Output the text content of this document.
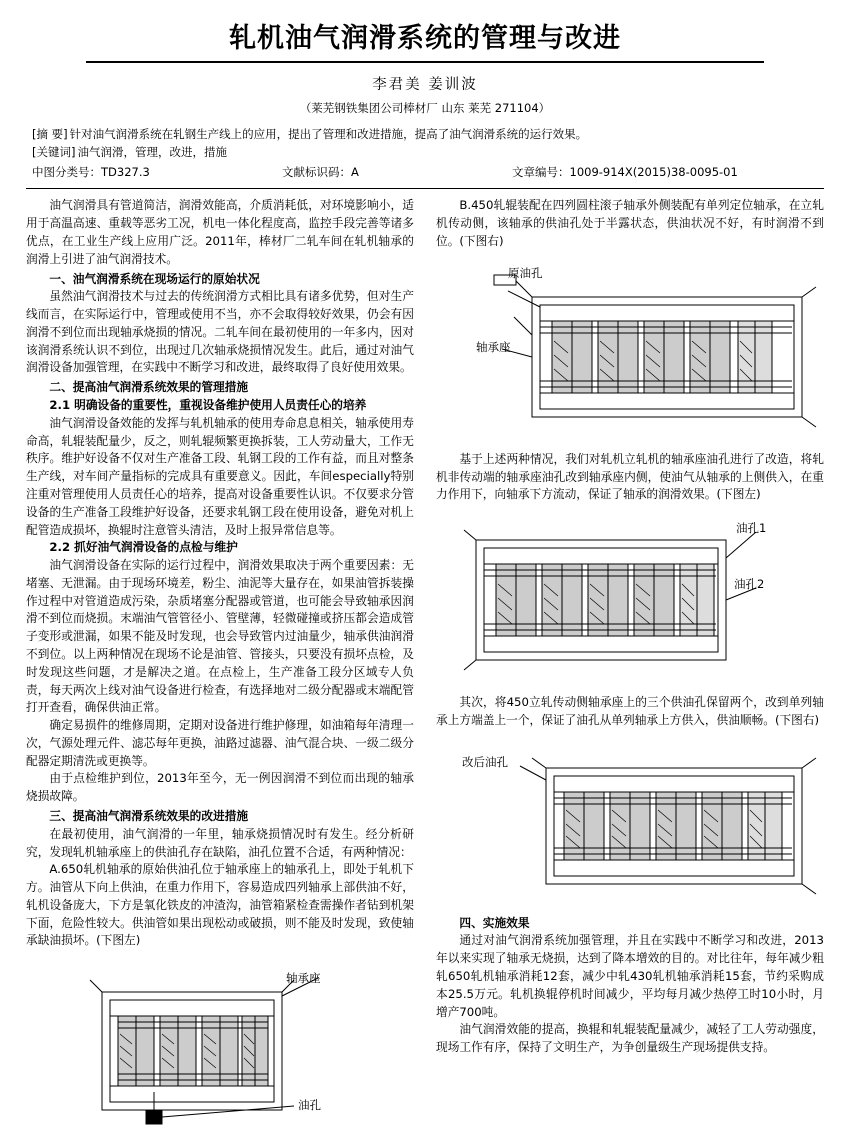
轧机油气润滑系统的管理与改进
李君美 姜训波
（莱芜钢铁集团公司棒材厂 山东 莱芜 271104）
[摘 要] 针对油气润滑系统在轧钢生产线上的应用，提出了管理和改进措施，提高了油气润滑系统的运行效果。
[关键词] 油气润滑，管理，改进，措施
中图分类号：TD327.3	文献标识码：A	文章编号：1009-914X(2015)38-0095-01

油气润滑具有管道简洁，润滑效能高，介质消耗低，对环境影响小，适用于高温高速、重载等恶劣工况，机电一体化程度高，监控手段完善等诸多优点，在工业生产线上应用广泛。2011年，棒材厂二轧车间在轧机轴承的润滑上引进了油气润滑技术。

一、油气润滑系统在现场运行的原始状况

虽然油气润滑技术与过去的传统润滑方式相比具有诸多优势，但对生产线而言，在实际运行中，管理或使用不当，亦不会取得较好效果，仍会有因润滑不到位而出现轴承烧损的情况。二轧车间在最初使用的一年多内，因对该润滑系统认识不到位，出现过几次轴承烧损情况发生。此后，通过对油气润滑设备加强管理，在实践中不断学习和改进，最终取得了良好使用效果。

二、提高油气润滑系统效果的管理措施
2.1 明确设备的重要性，重视设备维护使用人员责任心的培养

油气润滑设备效能的发挥与轧机轴承的使用寿命息息相关，轴承使用寿命高，轧辊装配量少，反之，则轧辊频繁更换拆装，工人劳动量大，工作无秩序。维护好设备不仅对生产准备工段、轧钢工段的工作有益，而且对整条生产线，对车间产量指标的完成具有重要意义。因此，车间especially特别注重对管理使用人员责任心的培养，提高对设备重要性认识。不仅要求分管设备的生产准备工段维护好设备，还要求轧钢工段在使用设备，避免对机上配管造成损坏，换辊时注意管头清洁，及时上报异常信息等。

2.2 抓好油气润滑设备的点检与维护

油气润滑设备在实际的运行过程中，润滑效果取决于两个重要因素：无堵塞、无泄漏。由于现场环境差，粉尘、油泥等大量存在，如果油管拆装操作过程中对管道造成污染，杂质堵塞分配器或管道，也可能会导致轴承因润滑不到位而烧损。末端油气管管径小、管壁薄，轻微碰撞或挤压都会造成管子变形或泄漏，如果不能及时发现，也会导致管内过油量少，轴承供油润滑不到位。以上两种情况在现场不论是油管、管接头，只要没有损坏点检，及时发现这些问题，才是解决之道。在点检上，生产准备工段分区域专人负责，每天两次上线对油气设备进行检查，有选择地对二级分配器或末端配管打开查看，确保供油正常。

确定易损件的维修周期，定期对设备进行维护修理，如油箱每年清理一次，气源处理元件、滤芯每年更换，油路过滤器、油气混合块、一级二级分配器定期清洗或更换等。

由于点检维护到位，2013年至今，无一例因润滑不到位而出现的轴承烧损故障。

三、提高油气润滑系统效果的改进措施

在最初使用，油气润滑的一年里，轴承烧损情况时有发生。经分析研究，发现轧机轴承座上的供油孔存在缺陷，油孔位置不合适，有两种情况：

A.650轧机轴承的原始供油孔位于轴承座上的轴承孔上，即处于轧机下方。油管从下向上供油，在重力作用下，容易造成四列轴承上部供油不好，轧机设备庞大，下方是氧化铁皮的冲渣沟，油管箱紧检查需操作者钻到机架下面，危险性较大。供油管如果出现松动或破损，则不能及时发现，致使轴承缺油损坏。(下图左)

轴承座
油孔

B.450轧辊装配在四列圆柱滚子轴承外侧装配有单列定位轴承，在立轧机传动侧，该轴承的供油孔处于半露状态，供油状况不好，有时润滑不到位。(下图右)

原油孔
轴承座

基于上述两种情况，我们对轧机立轧机的轴承座油孔进行了改造，将轧机非传动端的轴承座油孔改到轴承座内侧，使油气从轴承的上侧供入，在重力作用下，向轴承下方流动，保证了轴承的润滑效果。(下图左)

油孔1
油孔2

其次，将450立轧传动侧轴承座上的三个供油孔保留两个，改到单列轴承上方端盖上一个，保证了油孔从单列轴承上方供入，供油顺畅。(下图右)

改后油孔
四、实施效果

通过对油气润滑系统加强管理，并且在实践中不断学习和改进，2013年以来实现了轴承无烧损，达到了降本增效的目的。对比往年，每年减少粗轧650轧机轴承消耗12套，减少中轧430轧机轴承消耗15套，节约采购成本25.5万元。轧机换辊停机时间减少，平均每月减少热停工时10小时，月增产700吨。

油气润滑效能的提高，换辊和轧辊装配量减少，减轻了工人劳动强度，现场工作有序，保持了文明生产，为争创量级生产现场提供支持。
